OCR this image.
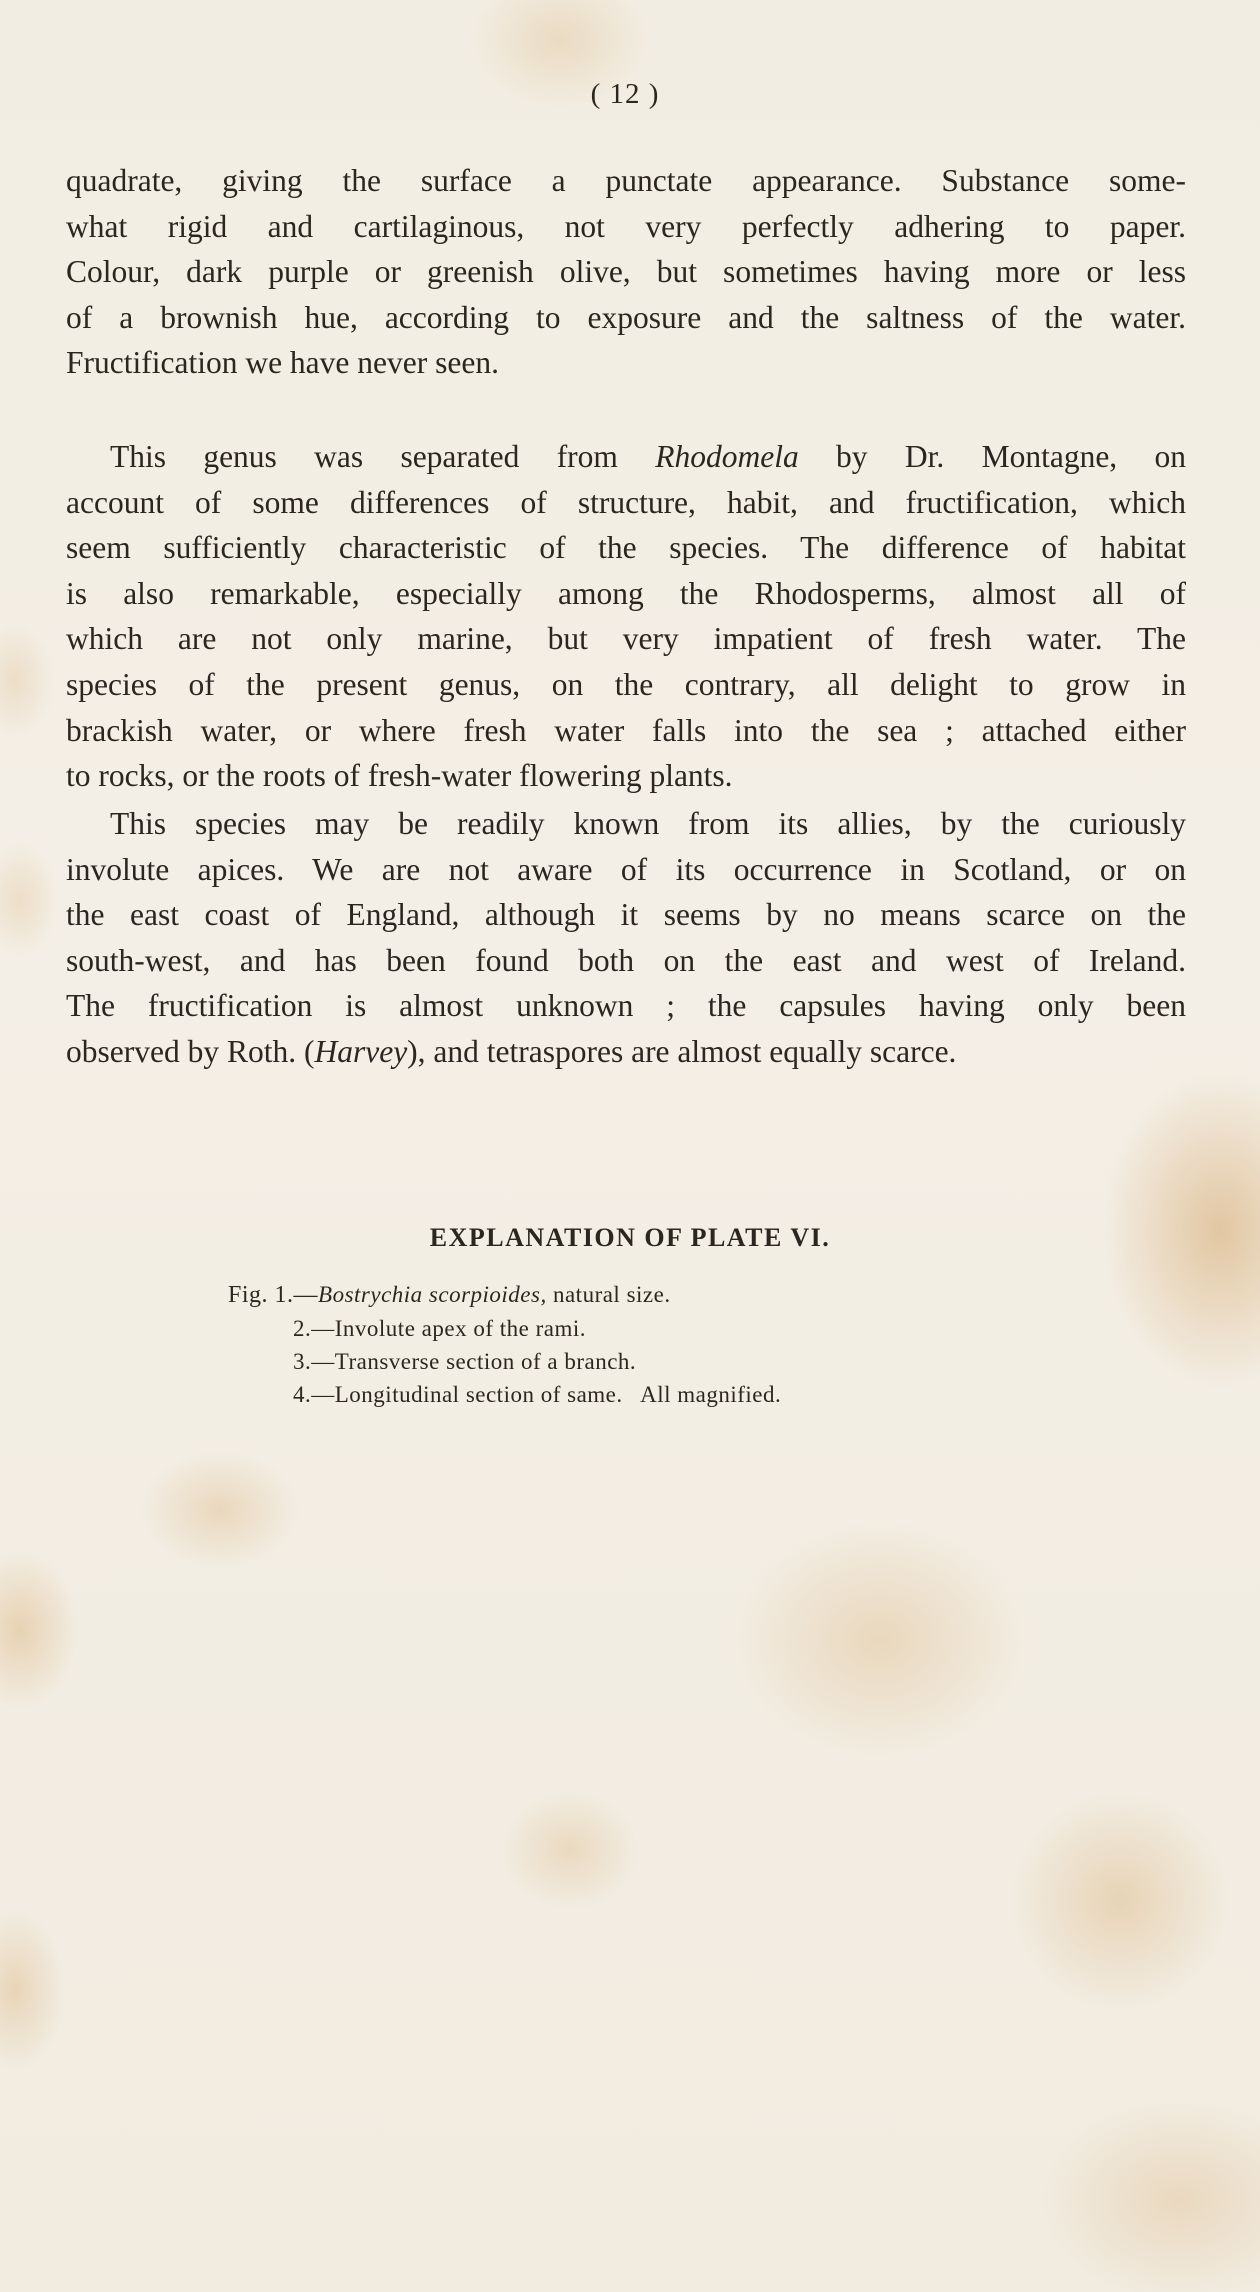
( 12 )

quadrate, giving the surface a punctate appearance. Substance some-
what rigid and cartilaginous, not very perfectly adhering to paper.
Colour, dark purple or greenish olive, but sometimes having more or less
of a brownish hue, according to exposure and the saltness of the water.
Fructification we have never seen.

This genus was separated from Rhodomela by Dr. Montagne, on
account of some differences of structure, habit, and fructification, which
seem sufficiently characteristic of the species. The difference of habitat
is also remarkable, especially among the Rhodosperms, almost all of
which are not only marine, but very impatient of fresh water. The
species of the present genus, on the contrary, all delight to grow in
brackish water, or where fresh water falls into the sea ; attached either
to rocks, or the roots of fresh-water flowering plants.

This species may be readily known from its allies, by the curiously
involute apices. We are not aware of its occurrence in Scotland, or on
the east coast of England, although it seems by no means scarce on the
south-west, and has been found both on the east and west of Ireland.
The fructification is almost unknown ; the capsules having only been
observed by Roth. (Harvey), and tetraspores are almost equally scarce.

EXPLANATION OF PLATE VI.
Fig. 1.—Bostrychia scorpioides, natural size.
2.—Involute apex of the rami.
3.—Transverse section of a branch.
4.—Longitudinal section of same.   All magnified.
